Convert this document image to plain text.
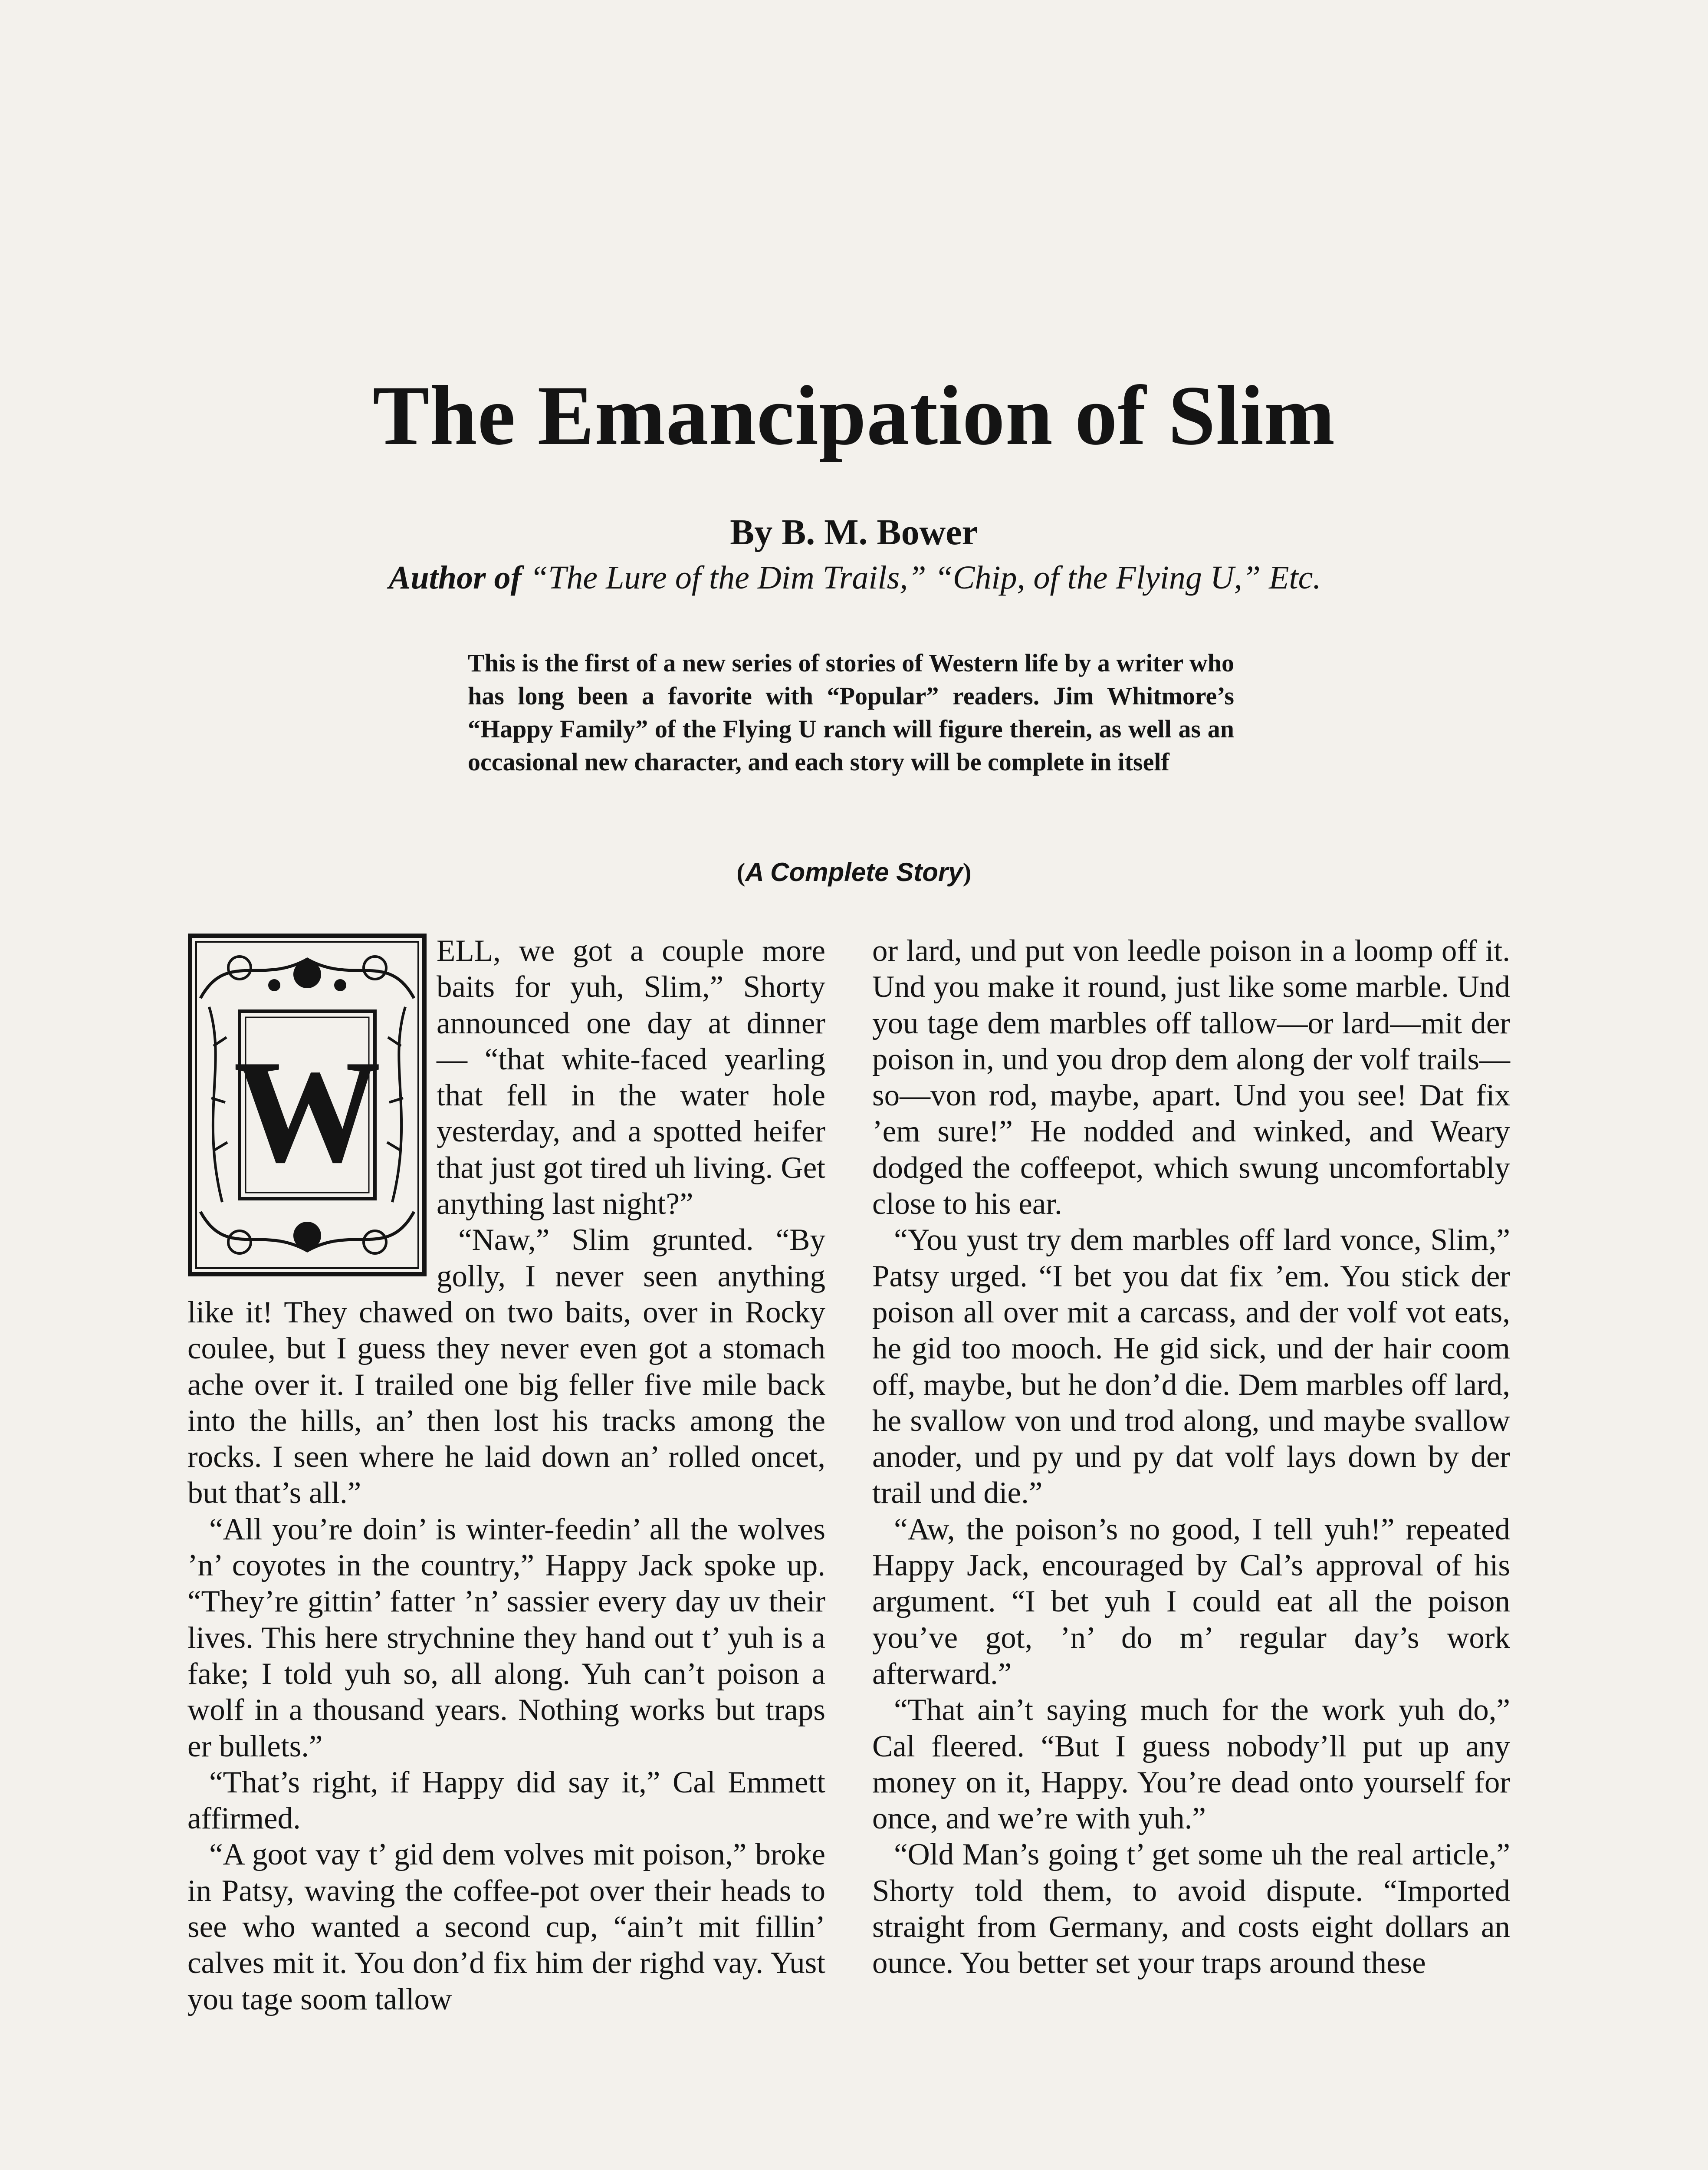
The Emancipation of Slim
By B. M. Bower
Author of “The Lure of the Dim Trails,” “Chip, of the Flying U,” Etc.
This is the first of a new series of stories of Western life by a writer who has long been a favorite with “Popular” readers. Jim Whitmore’s “Happy Family” of the Flying U ranch will figure therein, as well as an occasional new character, and each story will be complete in itself
(A Complete Story)
W

ELL, we got a couple more baits for yuh, Slim,” Shorty announced one day at dinner — “that white-faced yearling that fell in the water hole yesterday, and a spotted heifer that just got tired uh living. Get anything last night?”

“Naw,” Slim grunted. “By golly, I never seen anything like it! They chawed on two baits, over in Rocky coulee, but I guess they never even got a stomach ache over it. I trailed one big feller five mile back into the hills, an’ then lost his tracks among the rocks. I seen where he laid down an’ rolled oncet, but that’s all.”

“All you’re doin’ is winter-feedin’ all the wolves ’n’ coyotes in the country,” Happy Jack spoke up. “They’re gittin’ fatter ’n’ sassier every day uv their lives. This here strychnine they hand out t’ yuh is a fake; I told yuh so, all along. Yuh can’t poison a wolf in a thousand years. Nothing works but traps er bullets.”

“That’s right, if Happy did say it,” Cal Emmett affirmed.

“A goot vay t’ gid dem volves mit poison,” broke in Patsy, waving the coffee-pot over their heads to see who wanted a second cup, “ain’t mit fillin’ calves mit it. You don’d fix him der righd vay. Yust you tage soom tallow

or lard, und put von leedle poison in a loomp off it. Und you make it round, just like some marble. Und you tage dem marbles off tallow—or lard—mit der poison in, und you drop dem along der volf trails—so—von rod, maybe, apart. Und you see! Dat fix ’em sure!” He nodded and winked, and Weary dodged the coffeepot, which swung uncomfortably close to his ear.

“You yust try dem marbles off lard vonce, Slim,” Patsy urged. “I bet you dat fix ’em. You stick der poison all over mit a carcass, and der volf vot eats, he gid too mooch. He gid sick, und der hair coom off, maybe, but he don’d die. Dem marbles off lard, he svallow von und trod along, und maybe svallow anoder, und py und py dat volf lays down by der trail und die.”

“Aw, the poison’s no good, I tell yuh!” repeated Happy Jack, encouraged by Cal’s approval of his argument. “I bet yuh I could eat all the poison you’ve got, ’n’ do m’ regular day’s work afterward.”

“That ain’t saying much for the work yuh do,” Cal fleered. “But I guess nobody’ll put up any money on it, Happy. You’re dead onto yourself for once, and we’re with yuh.”

“Old Man’s going t’ get some uh the real article,” Shorty told them, to avoid dispute. “Imported straight from Germany, and costs eight dollars an ounce. You better set your traps around these
